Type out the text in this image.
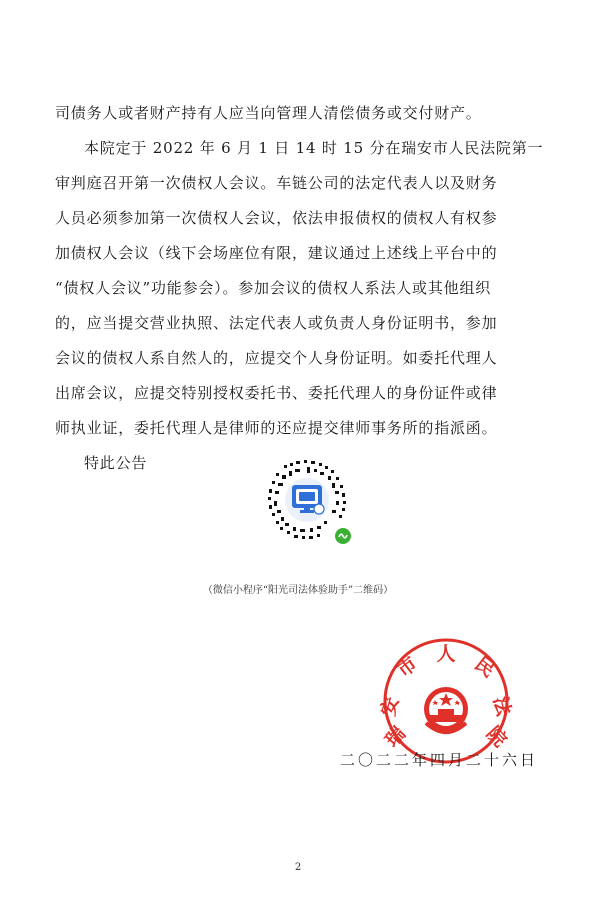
司债务人或者财产持有人应当向管理人清偿债务或交付财产。
本院定于 2022 年 6 月 1 日 14 时 15 分在瑞安市人民法院第一
审判庭召开第一次债权人会议。车链公司的法定代表人以及财务
人员必须参加第一次债权人会议，依法申报债权的债权人有权参
加债权人会议（线下会场座位有限，建议通过上述线上平台中的
“债权人会议”功能参会）。参加会议的债权人系法人或其他组织
的，应当提交营业执照、法定代表人或负责人身份证明书，参加
会议的债权人系自然人的，应提交个人身份证明。如委托代理人
出席会议，应提交特别授权委托书、委托代理人的身份证件或律
师执业证，委托代理人是律师的还应提交律师事务所的指派函。
特此公告
（微信小程序“阳光司法体验助手”二维码）
瑞
安
市 人 民
法
院
二〇二二年四月二十六日
2
